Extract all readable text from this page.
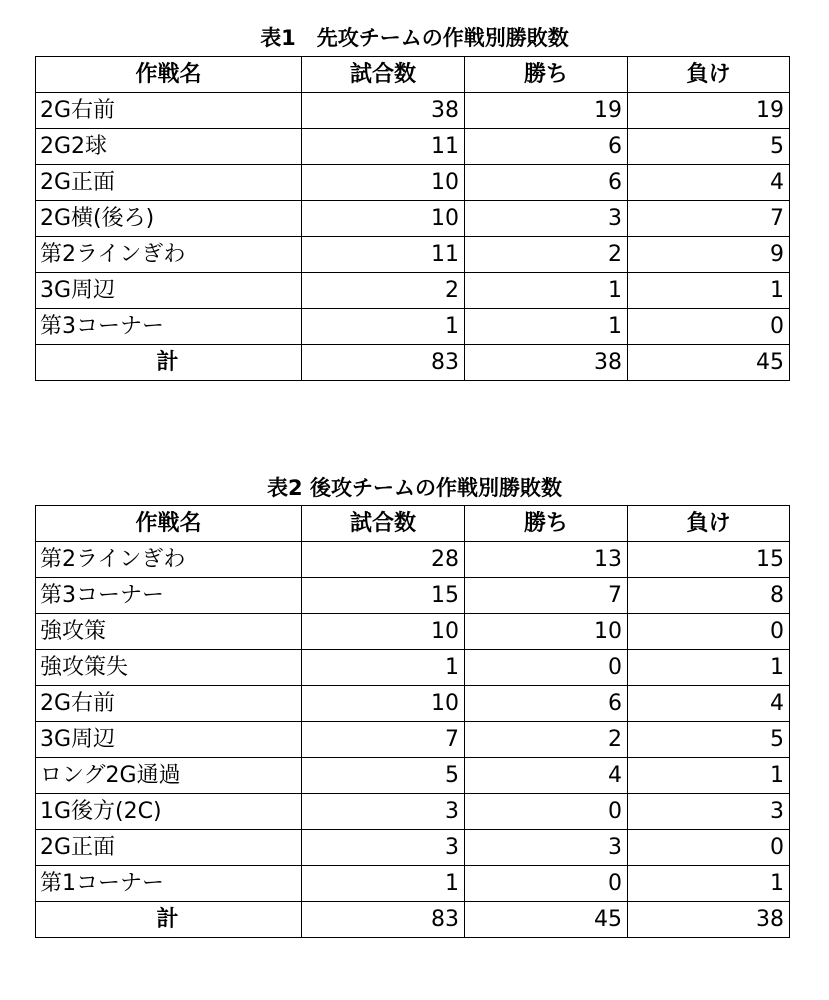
表1　先攻チームの作戦別勝敗数
作戦名	試合数	勝ち	負け
2G右前	38	19	19
2G2球	11	6	5
2G正面	10	6	4
2G横(後ろ)	10	3	7
第2ラインぎわ	11	2	9
3G周辺	2	1	1
第3コーナー	1	1	0
計	83	38	45
表2 後攻チームの作戦別勝敗数
作戦名	試合数	勝ち	負け
第2ラインぎわ	28	13	15
第3コーナー	15	7	8
強攻策	10	10	0
強攻策失	1	0	1
2G右前	10	6	4
3G周辺	7	2	5
ロング2G通過	5	4	1
1G後方(2C)	3	0	3
2G正面	3	3	0
第1コーナー	1	0	1
計	83	45	38
